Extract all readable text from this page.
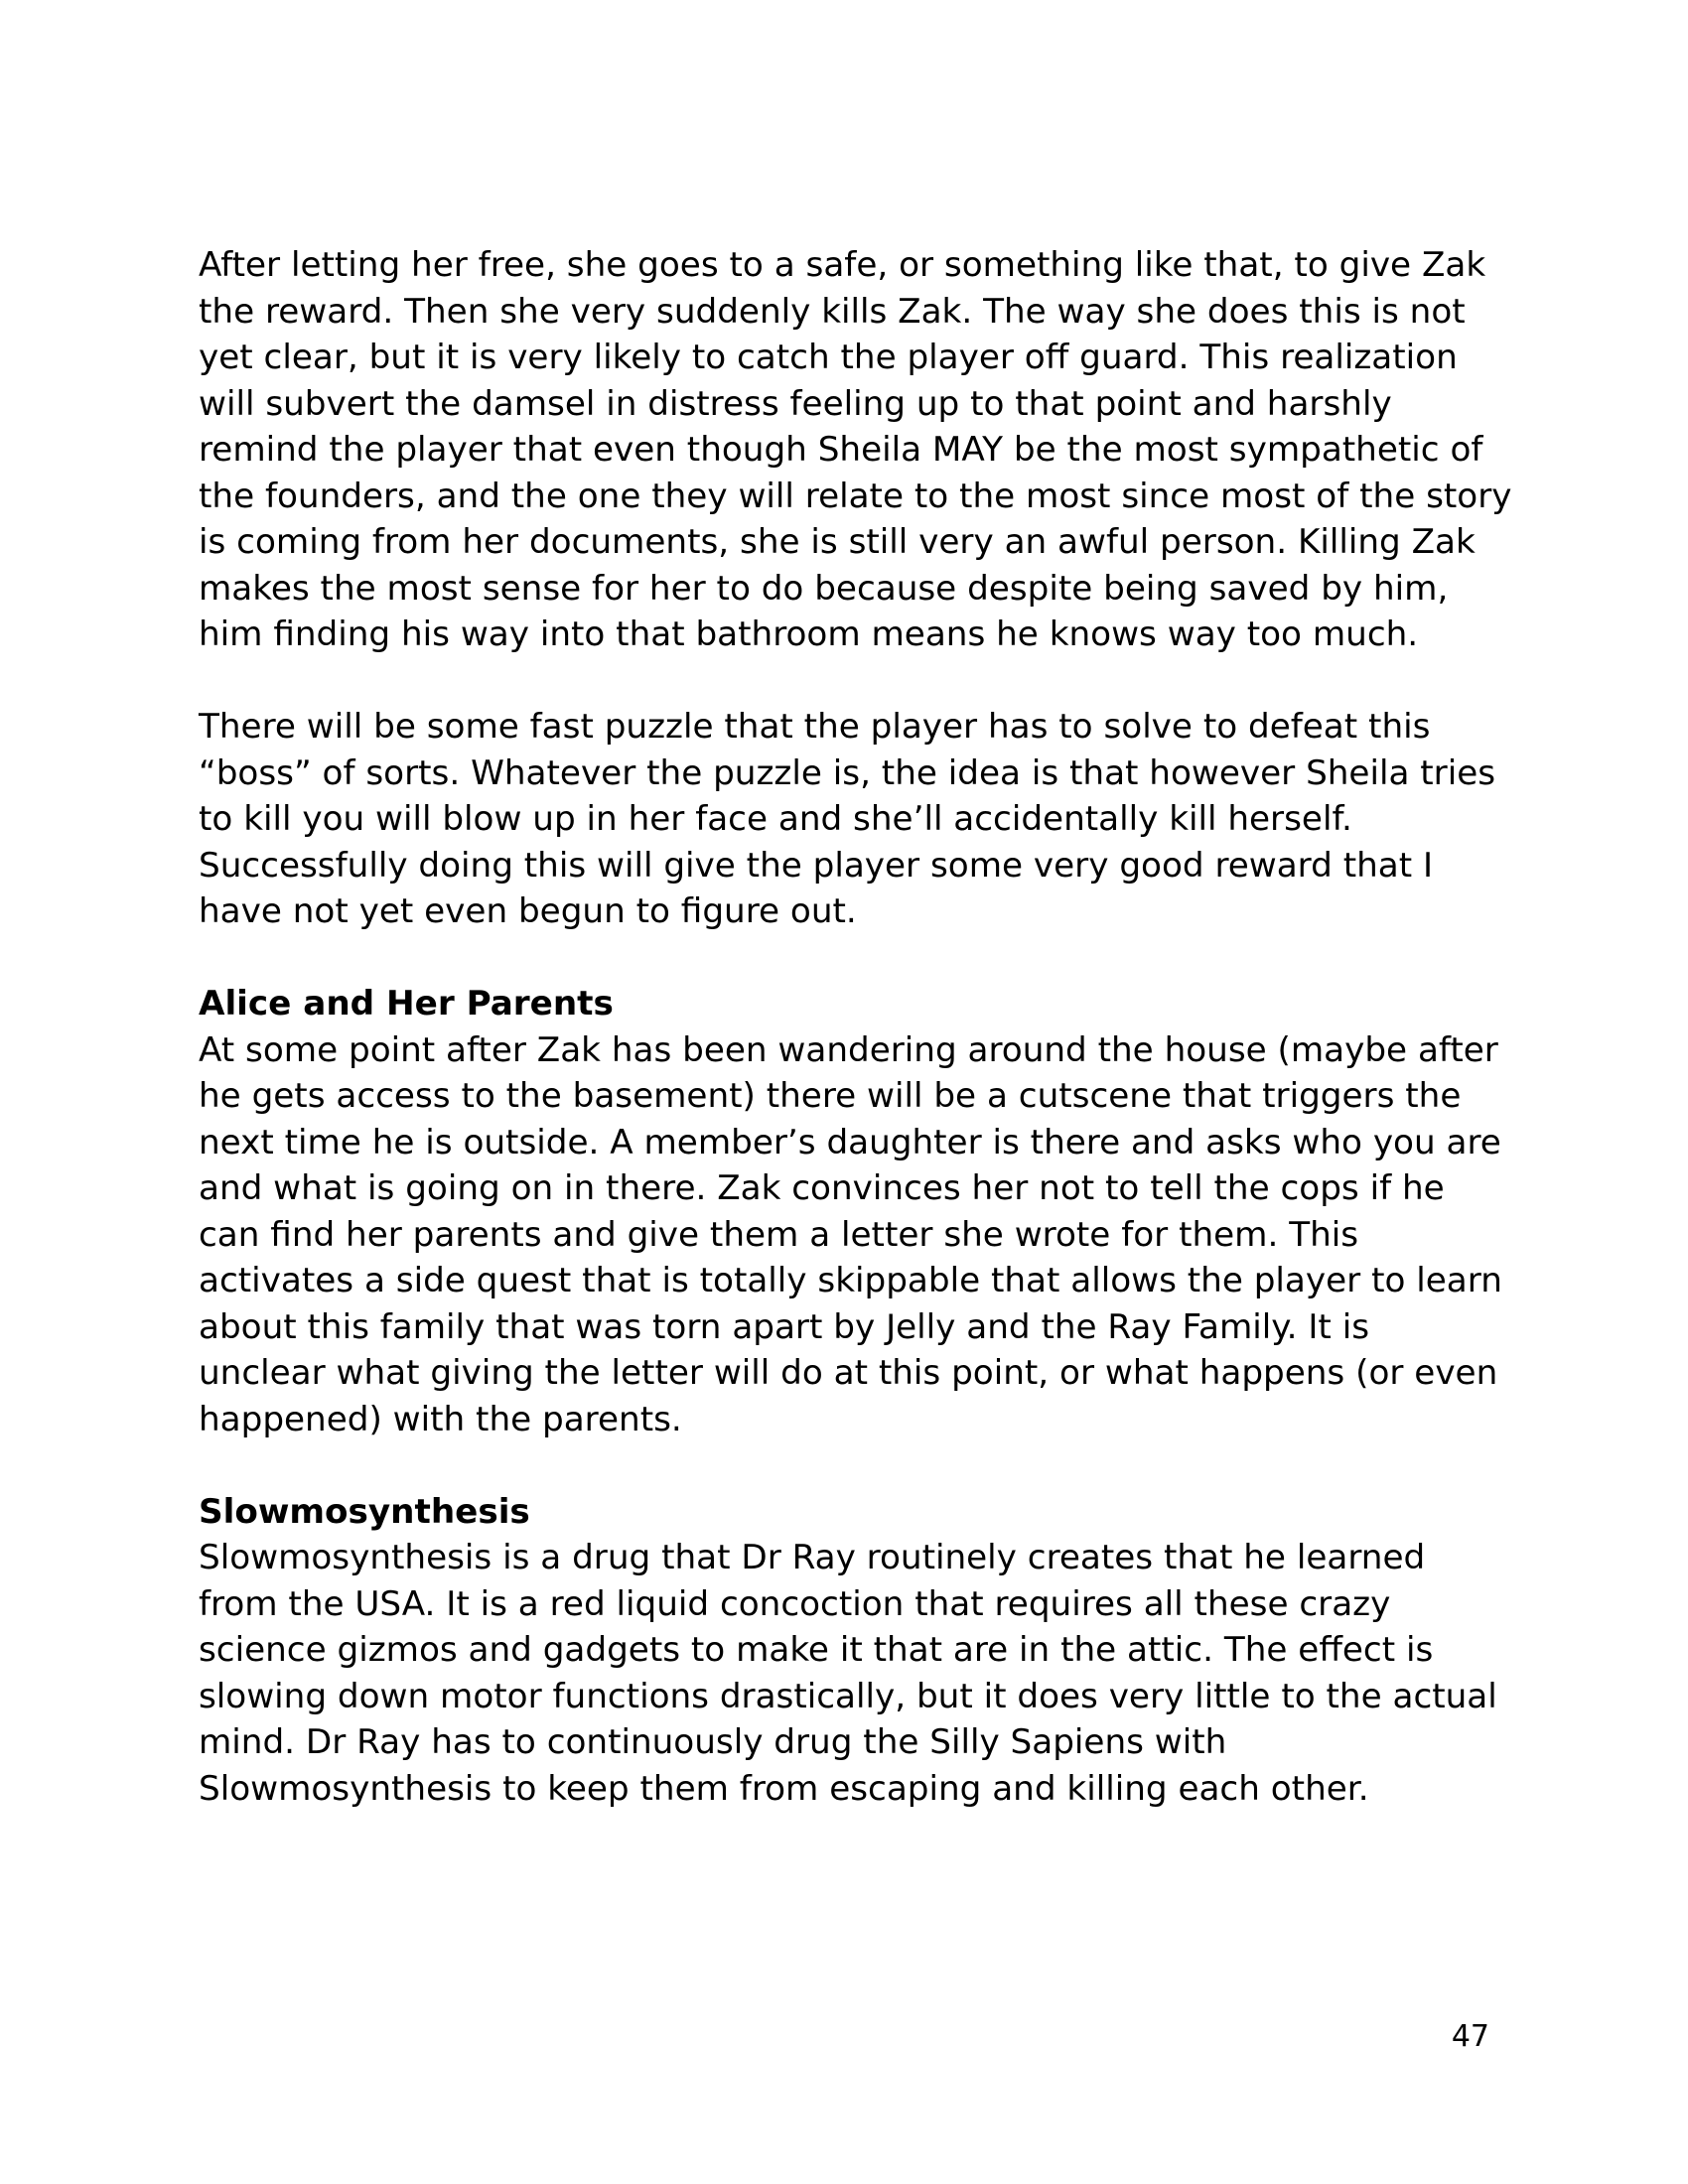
After letting her free, she goes to a safe, or something like that, to give Zak
the reward. Then she very suddenly kills Zak. The way she does this is not
yet clear, but it is very likely to catch the player off guard. This realization
will subvert the damsel in distress feeling up to that point and harshly
remind the player that even though Sheila MAY be the most sympathetic of
the founders, and the one they will relate to the most since most of the story
is coming from her documents, she is still very an awful person. Killing Zak
makes the most sense for her to do because despite being saved by him,
him finding his way into that bathroom means he knows way too much.
There will be some fast puzzle that the player has to solve to defeat this
“boss” of sorts. Whatever the puzzle is, the idea is that however Sheila tries
to kill you will blow up in her face and she’ll accidentally kill herself.
Successfully doing this will give the player some very good reward that I
have not yet even begun to figure out.
Alice and Her Parents
At some point after Zak has been wandering around the house (maybe after
he gets access to the basement) there will be a cutscene that triggers the
next time he is outside. A member’s daughter is there and asks who you are
and what is going on in there. Zak convinces her not to tell the cops if he
can find her parents and give them a letter she wrote for them. This
activates a side quest that is totally skippable that allows the player to learn
about this family that was torn apart by Jelly and the Ray Family. It is
unclear what giving the letter will do at this point, or what happens (or even
happened) with the parents.
Slowmosynthesis
Slowmosynthesis is a drug that Dr Ray routinely creates that he learned
from the USA. It is a red liquid concoction that requires all these crazy
science gizmos and gadgets to make it that are in the attic. The effect is
slowing down motor functions drastically, but it does very little to the actual
mind. Dr Ray has to continuously drug the Silly Sapiens with
Slowmosynthesis to keep them from escaping and killing each other.
47
